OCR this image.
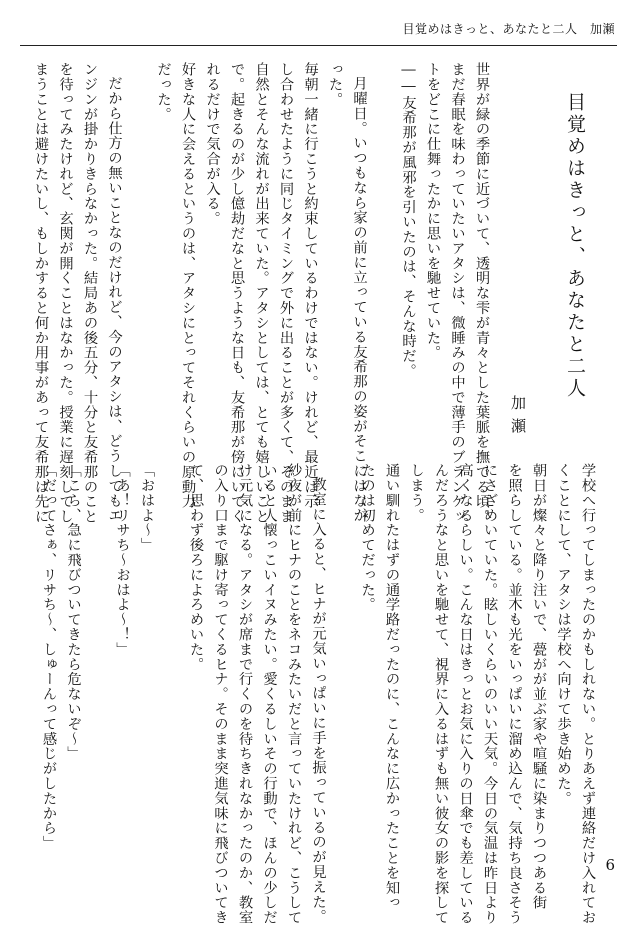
目覚めはきっと、あなたと二人　加瀬
目覚めはきっと、あなたと二人
加瀬
世界が緑の季節に近づいて、透明な雫が青々とした葉脈を撫でる頃。
まだ春眠を味わっていたいアタシは、微睡みの中で薄手のブランケッ
トをどこに仕舞ったかに思いを馳せていた。
――友希那が風邪を引いたのは、そんな時だ。
月曜日。いつもなら家の前に立っている友希那の姿がそこにはなか
った。
毎朝一緒に行こうと約束しているわけではない。けれど、最近は示
し合わせたように同じタイミングで外に出ることが多くて、そのまま
自然とそんな流れが出来ていた。アタシとしては、とても嬉しいこと
で。起きるのが少し億劫だなと思うような日も、友希那が傍にいてく
れるだけで気合が入る。
好きな人に会えるというのは、アタシにとってそれくらいの原動力
だった。
だから仕方の無いことなのだけれど、今のアタシは、どうしてもエ
ンジンが掛かりきらなかった。結局あの後五分、十分と友希那のこと
を待ってみたけれど、玄関が開くことはなかった。授業に遅刻してし
まうことは避けたいし、もしかすると何か用事があって友希那は先に
学校へ行ってしまったのかもしれない。とりあえず連絡だけ入れてお
くことにして、アタシは学校へ向けて歩き始めた。
朝日が燦々と降り注いで、甍がが並ぶ家や喧騒に染まりつつある街
を照らしている。並木も光をいっぱいに溜め込んで、気持ち良さそう
にさざめいていた。眩しいくらいのいい天気。今日の気温は昨日より
高くなるらしい。こんな日はきっとお気に入りの日傘でも差している
んだろうなと思いを馳せて、視界に入るはずも無い彼女の影を探して
しまう。
通い馴れたはずの通学路だったのに、こんなに広かったことを知っ
たのは初めてだった。
教室に入ると、ヒナが元気いっぱいに手を振っているのが見えた。
紗夜が前にヒナのことをネコみたいだと言っていたけれど、こうして
いると人懐っこいイヌみたい。愛くるしいその行動で、ほんの少しだ
け元気になる。アタシが席まで行くのを待ちきれなかったのか、教室
の入り口まで駆け寄ってくるヒナ。そのまま突進気味に飛びついてき
て、思わず後ろによろめいた。
「おはよ～」
「あ！リサち～おはよ～！」
「こら、急に飛びついてきたら危ないぞ～」
「だってさぁ、リサち～、しゅーんって感じがしたから」
6
